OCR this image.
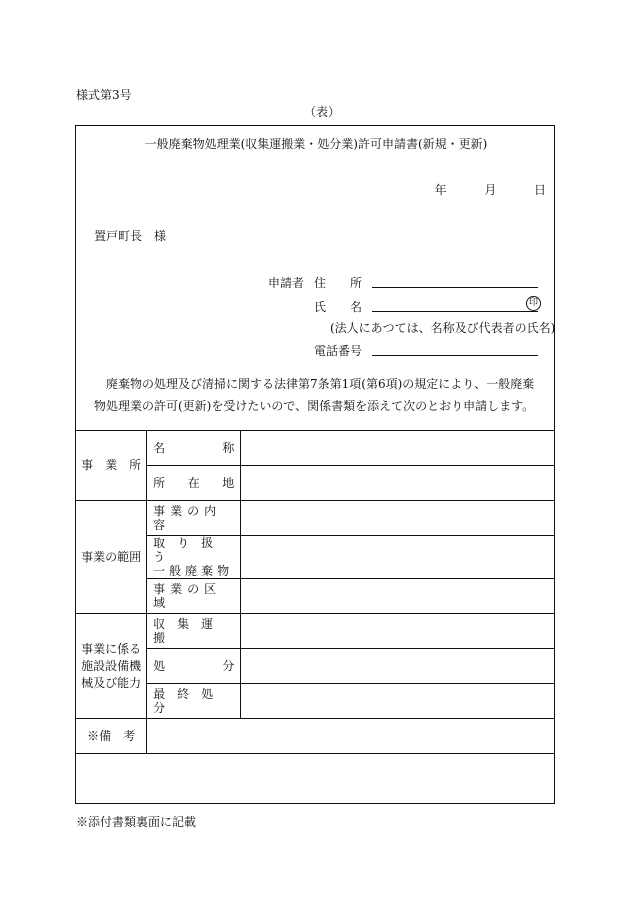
様式第3号
（表）
一般廃棄物処理業(収集運搬業・処分業)許可申請書(新規・更新)
年	月	日
置戸町長　様
申請者 住　　所
氏　　名	印
(法人にあつては、名称及び代表者の氏名)
電話番号
廃棄物の処理及び清掃に関する法律第7条第1項(第6項)の規定により、一般廃棄物処理業の許可(更新)を受けたいので、関係書類を添えて次のとおり申請します。
事　業　所	名 称	

	所 在 地	

事業の範囲	事業の内容	

	取　り　扱　う
一般廃棄物	

	事業の区域	

事業に係る
施設設備機
械及び能力	収集運搬	

	処 分	

	最終処分	

※備　考		
※添付書類裏面に記載
